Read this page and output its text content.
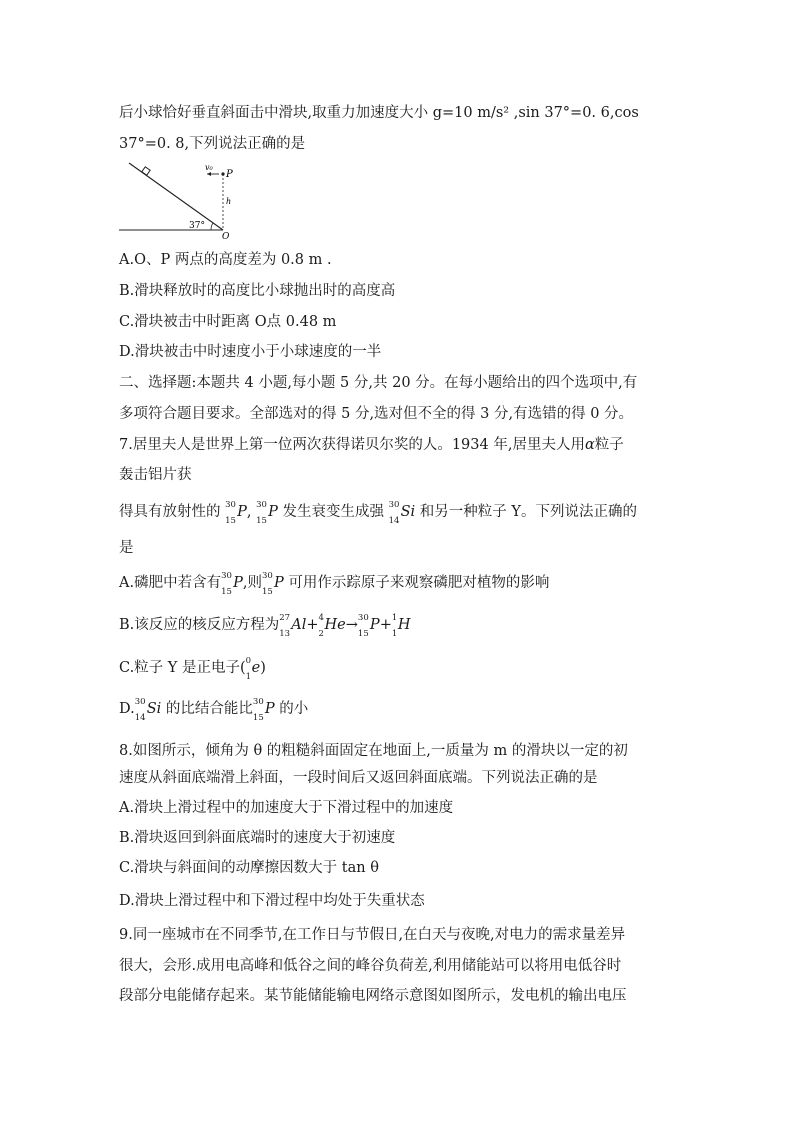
后小球恰好垂直斜面击中滑块,取重力加速度大小 g=10 m/s² ,sin 37°=0. 6,cos
37°=0. 8,下列说法正确的是
v₀
P
h
37°
O
A.O、P 两点的高度差为 0.8 m .
B.滑块释放时的高度比小球抛出时的高度高
C.滑块被击中时距离 O点 0.48 m
D.滑块被击中时速度小于小球速度的一半
二、选择题:本题共 4 小题,每小题 5 分,共 20 分。在每小题给出的四个选项中,有
多项符合题目要求。全部选对的得 5 分,选对但不全的得 3 分,有选错的得 0 分。
7.居里夫人是世界上第一位两次获得诺贝尔奖的人。1934 年,居里夫人用α粒子
轰击铝片获
得具有放射性的 30
15
P, 30
15
P 发生衰变生成强 30
14
Si 和另一种粒子 Y。下列说法正确的
是
A.磷肥中若含有 30
15
P,则 30
15
P 可用作示踪原子来观察磷肥对植物的影响
B.该反应的核反应方程为 27
13
Al+ 4
2
He→ 30
15
P+ 1
1
H
C.粒子 Y 是正电子( 0
1
e)
D. 30
14
Si 的比结合能比 30
15
P 的小
8.如图所示，倾角为 θ 的粗糙斜面固定在地面上,一质量为 m 的滑块以一定的初
速度从斜面底端滑上斜面，一段时间后又返回斜面底端。下列说法正确的是
A.滑块上滑过程中的加速度大于下滑过程中的加速度
B.滑块返回到斜面底端时的速度大于初速度
C.滑块与斜面间的动摩擦因数大于 tan θ
D.滑块上滑过程中和下滑过程中均处于失重状态
9.同一座城市在不同季节,在工作日与节假日,在白天与夜晚,对电力的需求量差异
很大，会形.成用电高峰和低谷之间的峰谷负荷差,利用储能站可以将用电低谷时
段部分电能储存起来。某节能储能输电网络示意图如图所示，发电机的输出电压
